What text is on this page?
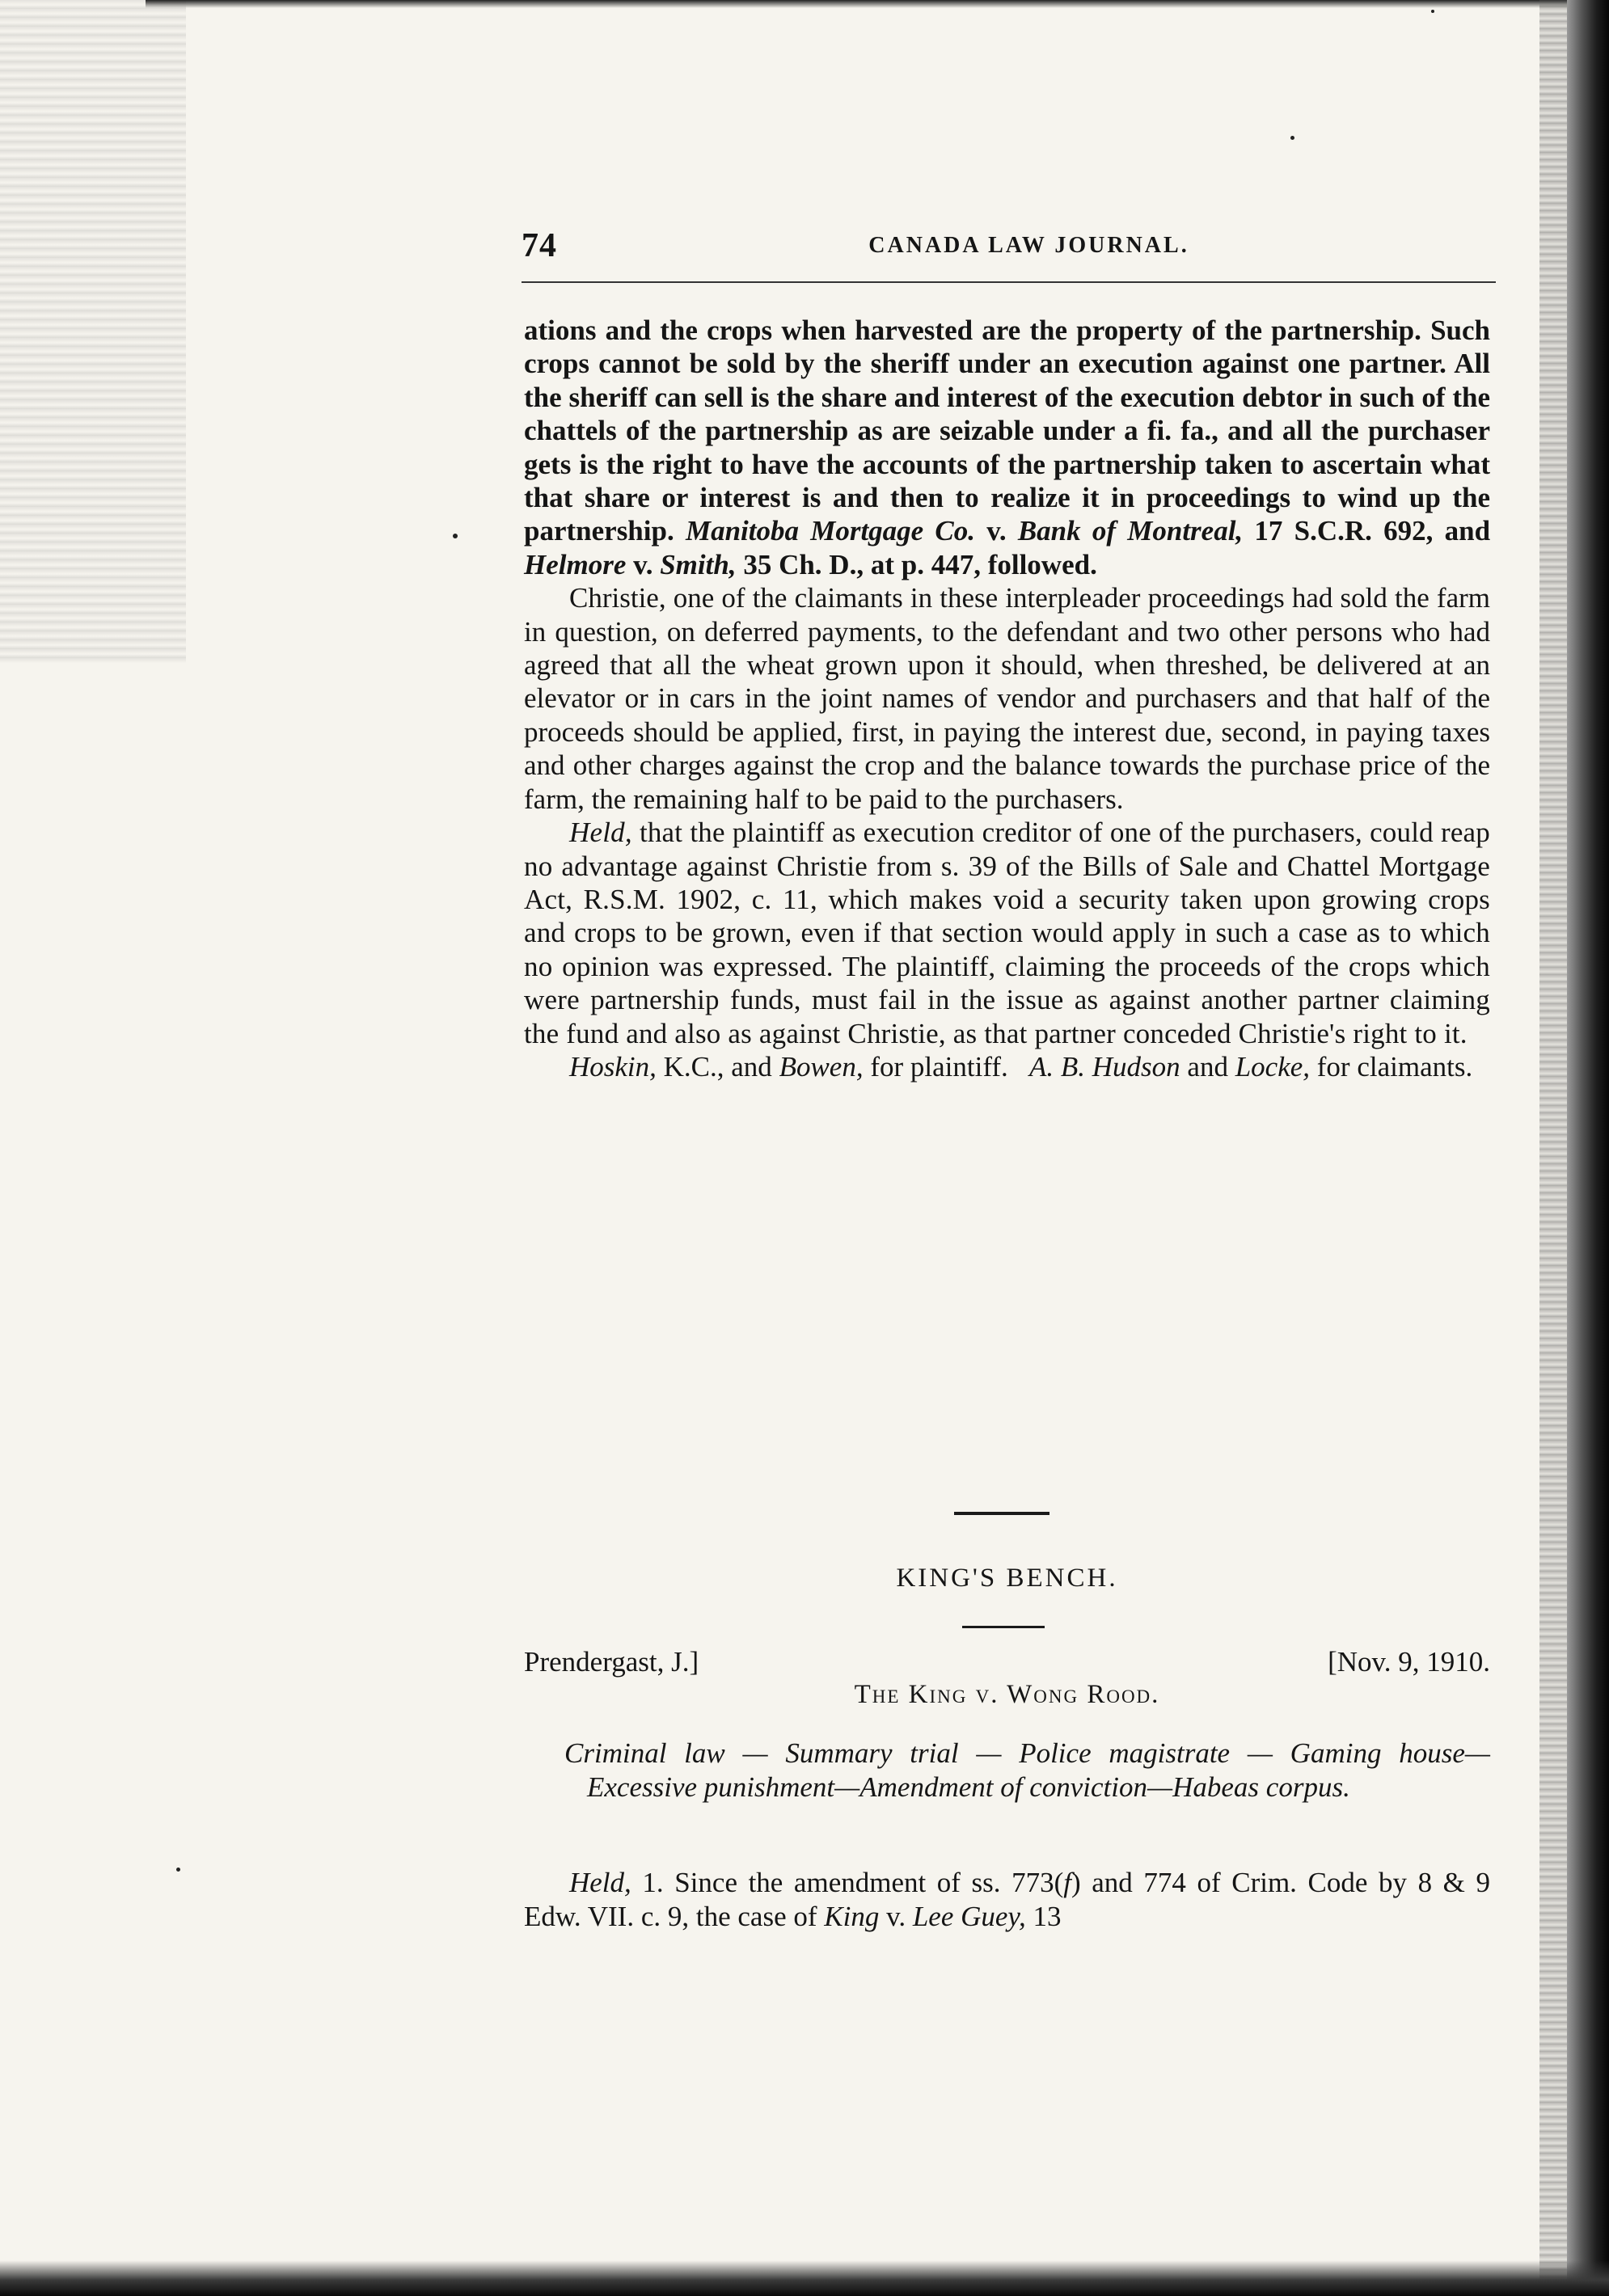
74	CANADA LAW JOURNAL.

ations and the crops when harvested are the property of the partnership. Such crops cannot be sold by the sheriff under an execution against one partner. All the sheriff can sell is the share and interest of the execution debtor in such of the chattels of the partnership as are seizable under a fi. fa., and all the purchaser gets is the right to have the accounts of the partnership taken to ascertain what that share or interest is and then to realize it in proceedings to wind up the partnership. Manitoba Mortgage Co. v. Bank of Montreal, 17 S.C.R. 692, and Helmore v. Smith, 35 Ch. D., at p. 447, followed.

Christie, one of the claimants in these interpleader proceedings had sold the farm in question, on deferred payments, to the defendant and two other persons who had agreed that all the wheat grown upon it should, when threshed, be delivered at an elevator or in cars in the joint names of vendor and purchasers and that half of the proceeds should be applied, first, in paying the interest due, second, in paying taxes and other charges against the crop and the balance towards the purchase price of the farm, the remaining half to be paid to the purchasers.

Held, that the plaintiff as execution creditor of one of the purchasers, could reap no advantage against Christie from s. 39 of the Bills of Sale and Chattel Mortgage Act, R.S.M. 1902, c. 11, which makes void a security taken upon growing crops and crops to be grown, even if that section would apply in such a case as to which no opinion was expressed. The plaintiff, claiming the proceeds of the crops which were partnership funds, must fail in the issue as against another partner claiming the fund and also as against Christie, as that partner conceded Christie's right to it.

Hoskin, K.C., and Bowen, for plaintiff. A. B. Hudson and Locke, for claimants.

KING'S BENCH.
Prendergast, J.]	[Nov. 9, 1910.
The King v. Wong Rood.
Criminal law — Summary trial — Police magistrate — Gaming house—Excessive punishment—Amendment of conviction—Habeas corpus.
Held, 1. Since the amendment of ss. 773(f) and 774 of Crim. Code by 8 & 9 Edw. VII. c. 9, the case of King v. Lee Guey, 13
